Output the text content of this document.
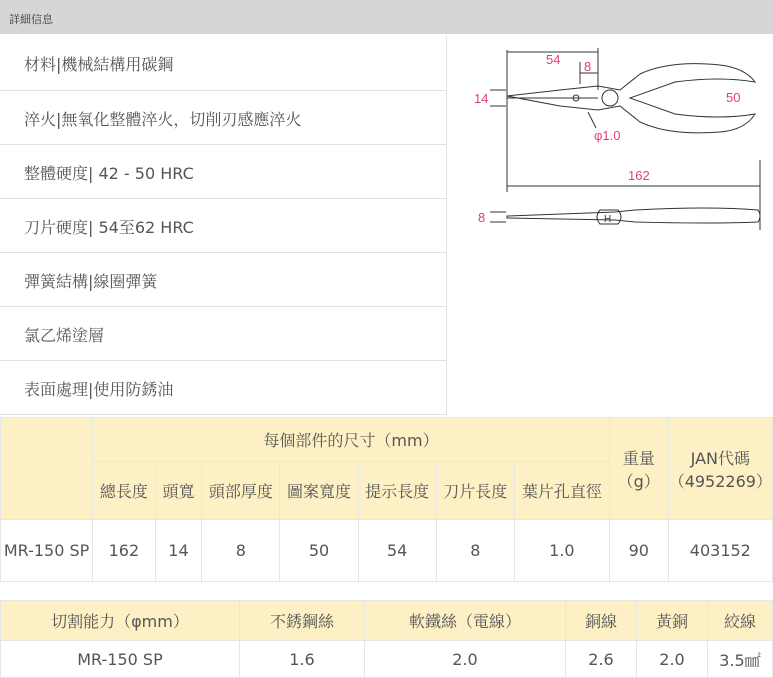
詳細信息
材料|機械結構用碳鋼
淬火|無氧化整體淬火，切削刃感應淬火
整體硬度| 42 - 50 HRC
刀片硬度| 54至62 HRC
彈簧結構|線圈彈簧
氯乙烯塗層
表面處理|使用防銹油
54 8
14	50
φ1.0
162
8	H
	每個部件的尺寸（mm）							重量（g）	JAN代碼（4952269）
	總長度	頭寬	頭部厚度	圖案寬度	提示長度	刀片長度	葉片孔直徑		
MR-150 SP	162	14	8	50	54	8	1.0	90	403152
切割能力（φmm）	不銹鋼絲	軟鐵絲（電線）	銅線	黃銅	絞線
MR-150 SP	1.6	2.0	2.6	2.0	3.5㎟
